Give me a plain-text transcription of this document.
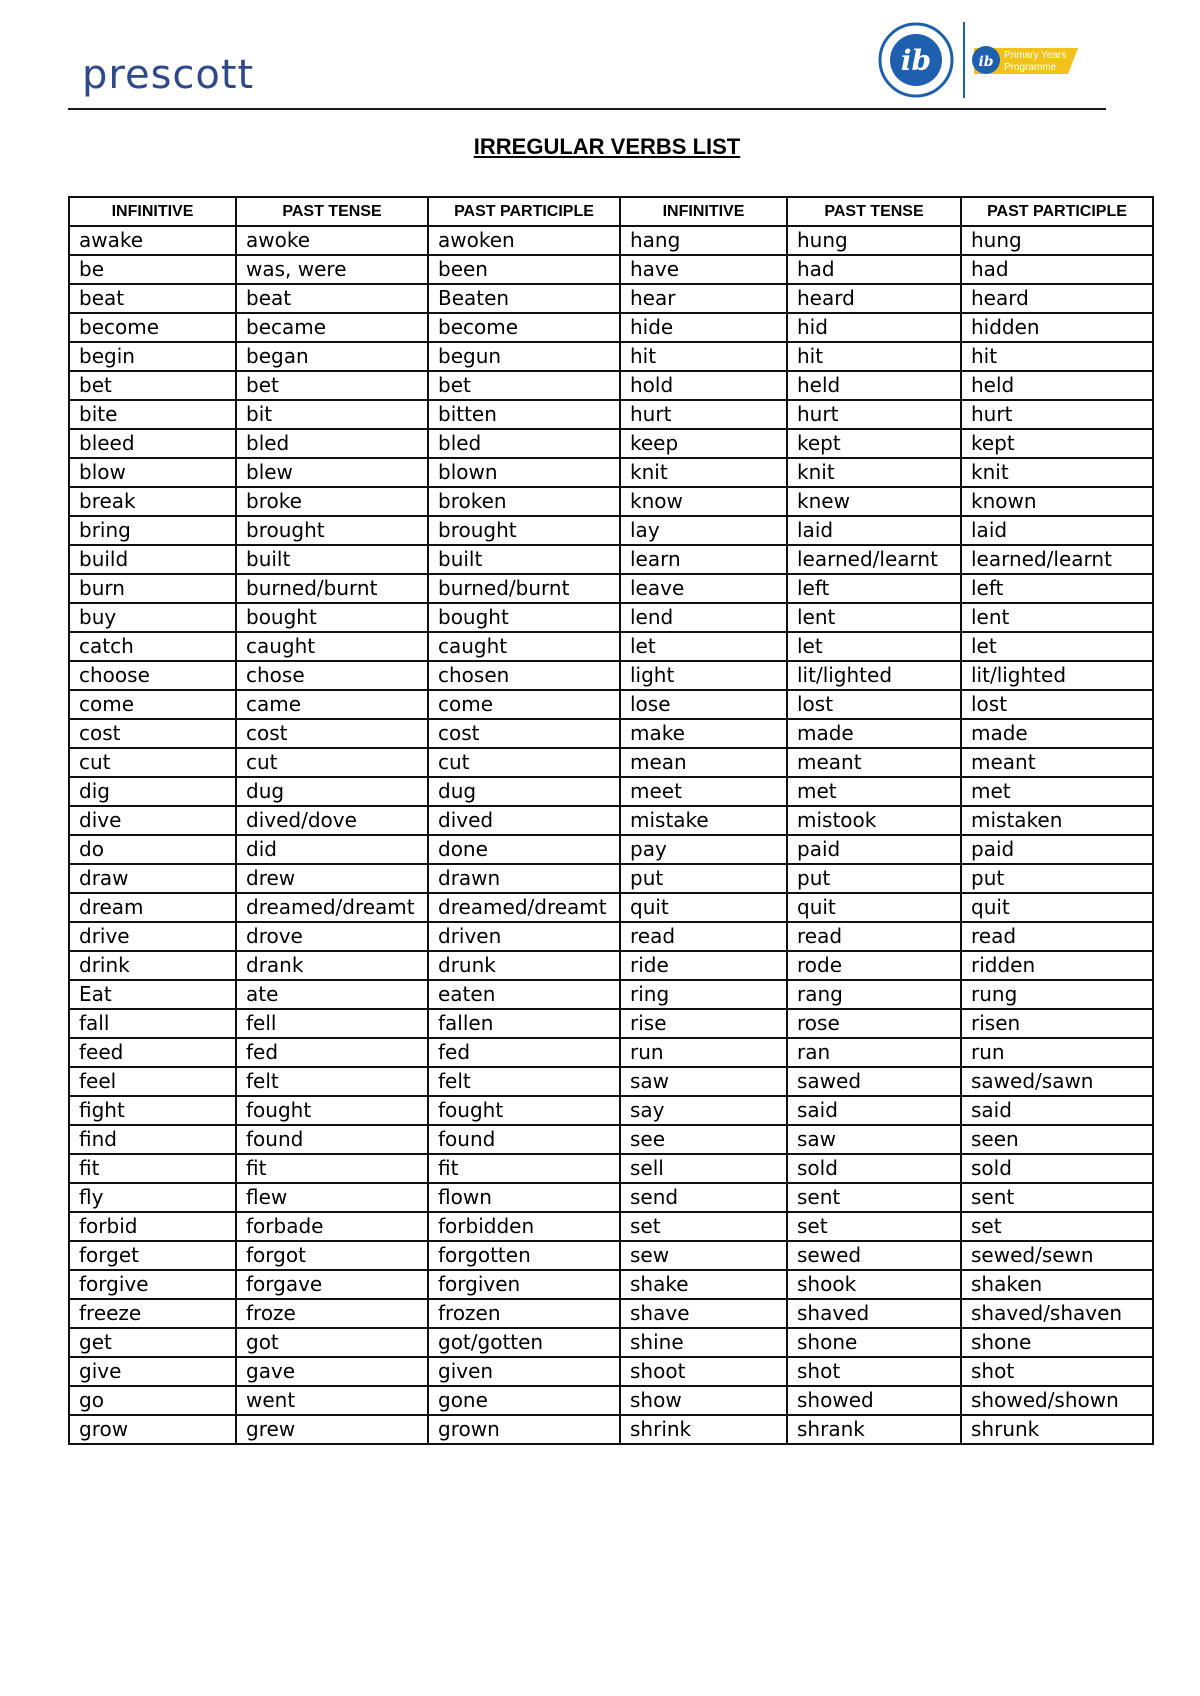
prescott	ib	ib Primary Years
Programme
IRREGULAR VERBS LIST
INFINITIVE	PAST TENSE	PAST PARTICIPLE	INFINITIVE	PAST TENSE	PAST PARTICIPLE
awake	awoke	awoken	hang	hung	hung
be	was, were	been	have	had	had
beat	beat	Beaten	hear	heard	heard
become	became	become	hide	hid	hidden
begin	began	begun	hit	hit	hit
bet	bet	bet	hold	held	held
bite	bit	bitten	hurt	hurt	hurt
bleed	bled	bled	keep	kept	kept
blow	blew	blown	knit	knit	knit
break	broke	broken	know	knew	known
bring	brought	brought	lay	laid	laid
build	built	built	learn	learned/learnt	learned/learnt
burn	burned/burnt	burned/burnt	leave	left	left
buy	bought	bought	lend	lent	lent
catch	caught	caught	let	let	let
choose	chose	chosen	light	lit/lighted	lit/lighted
come	came	come	lose	lost	lost
cost	cost	cost	make	made	made
cut	cut	cut	mean	meant	meant
dig	dug	dug	meet	met	met
dive	dived/dove	dived	mistake	mistook	mistaken
do	did	done	pay	paid	paid
draw	drew	drawn	put	put	put
dream	dreamed/dreamt	dreamed/dreamt	quit	quit	quit
drive	drove	driven	read	read	read
drink	drank	drunk	ride	rode	ridden
Eat	ate	eaten	ring	rang	rung
fall	fell	fallen	rise	rose	risen
feed	fed	fed	run	ran	run
feel	felt	felt	saw	sawed	sawed/sawn
fight	fought	fought	say	said	said
find	found	found	see	saw	seen
fit	fit	fit	sell	sold	sold
fly	flew	flown	send	sent	sent
forbid	forbade	forbidden	set	set	set
forget	forgot	forgotten	sew	sewed	sewed/sewn
forgive	forgave	forgiven	shake	shook	shaken
freeze	froze	frozen	shave	shaved	shaved/shaven
get	got	got/gotten	shine	shone	shone
give	gave	given	shoot	shot	shot
go	went	gone	show	showed	showed/shown
grow	grew	grown	shrink	shrank	shrunk
